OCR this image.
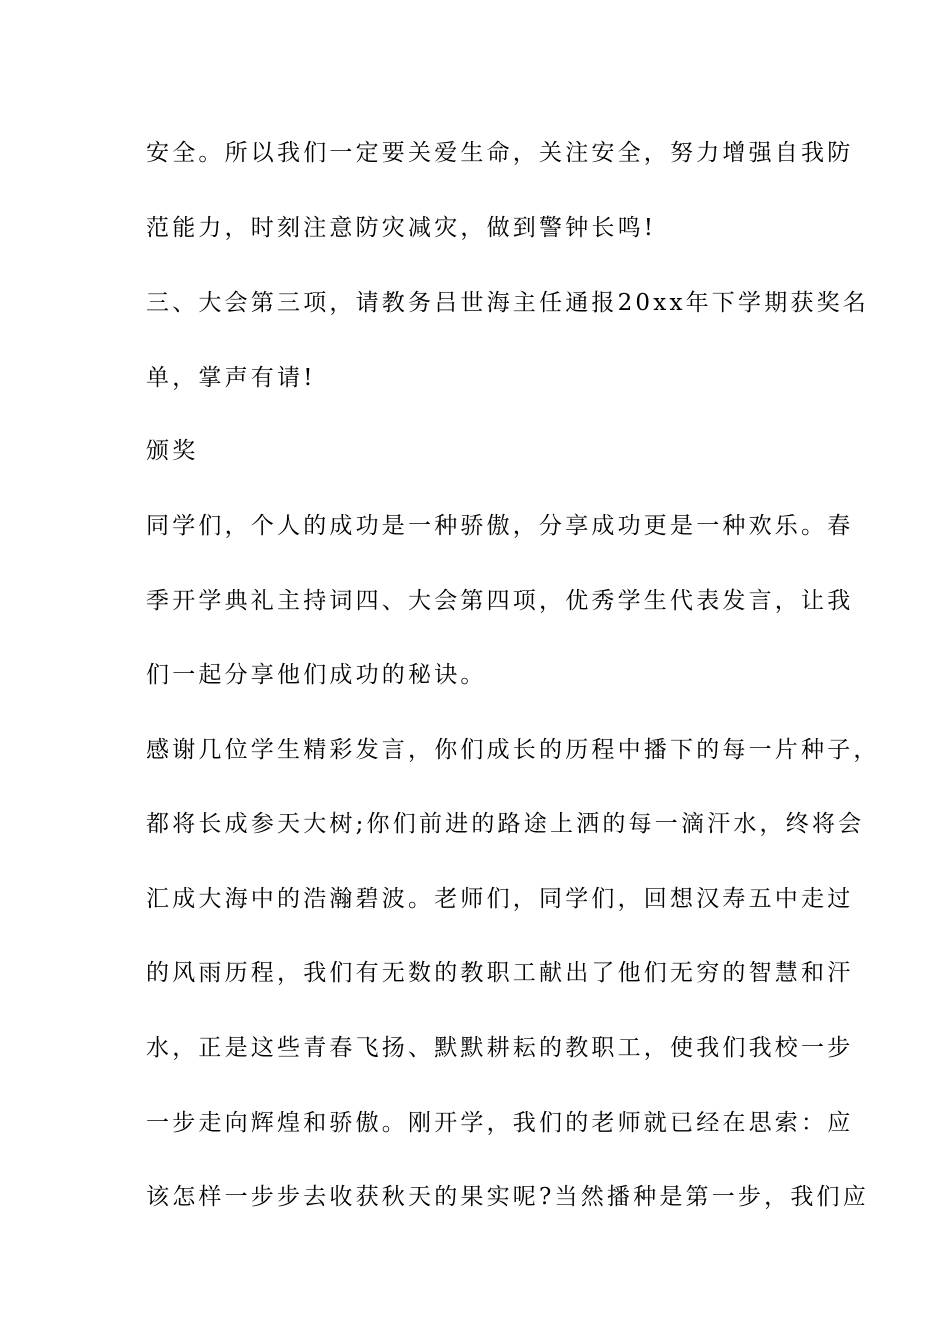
安全。所以我们一定要关爱生命，关注安全，努力增强自我防
范能力，时刻注意防灾减灾，做到警钟长鸣!
三、大会第三项，请教务吕世海主任通报20xx年下学期获奖名
单，掌声有请!
颁奖
同学们，个人的成功是一种骄傲，分享成功更是一种欢乐。春
季开学典礼主持词四、大会第四项，优秀学生代表发言，让我
们一起分享他们成功的秘诀。
感谢几位学生精彩发言，你们成长的历程中播下的每一片种子，
都将长成参天大树;你们前进的路途上洒的每一滴汗水，终将会
汇成大海中的浩瀚碧波。老师们，同学们，回想汉寿五中走过
的风雨历程，我们有无数的教职工献出了他们无穷的智慧和汗
水，正是这些青春飞扬、默默耕耘的教职工，使我们我校一步
一步走向辉煌和骄傲。刚开学，我们的老师就已经在思索：应
该怎样一步步去收获秋天的果实呢?当然播种是第一步，我们应
